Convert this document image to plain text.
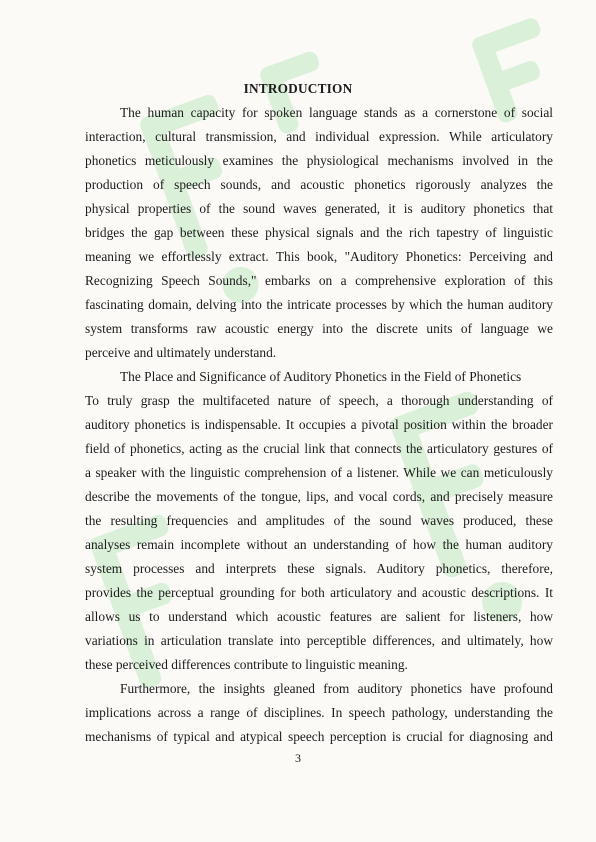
INTRODUCTION
The human capacity for spoken language stands as a cornerstone of social
interaction, cultural transmission, and individual expression. While articulatory
phonetics meticulously examines the physiological mechanisms involved in the
production of speech sounds, and acoustic phonetics rigorously analyzes the
physical properties of the sound waves generated, it is auditory phonetics that
bridges the gap between these physical signals and the rich tapestry of linguistic
meaning we effortlessly extract. This book, "Auditory Phonetics: Perceiving and
Recognizing Speech Sounds," embarks on a comprehensive exploration of this
fascinating domain, delving into the intricate processes by which the human auditory
system transforms raw acoustic energy into the discrete units of language we
perceive and ultimately understand.
The Place and Significance of Auditory Phonetics in the Field of Phonetics
To truly grasp the multifaceted nature of speech, a thorough understanding of
auditory phonetics is indispensable. It occupies a pivotal position within the broader
field of phonetics, acting as the crucial link that connects the articulatory gestures of
a speaker with the linguistic comprehension of a listener. While we can meticulously
describe the movements of the tongue, lips, and vocal cords, and precisely measure
the resulting frequencies and amplitudes of the sound waves produced, these
analyses remain incomplete without an understanding of how the human auditory
system processes and interprets these signals. Auditory phonetics, therefore,
provides the perceptual grounding for both articulatory and acoustic descriptions. It
allows us to understand which acoustic features are salient for listeners, how
variations in articulation translate into perceptible differences, and ultimately, how
these perceived differences contribute to linguistic meaning.
Furthermore, the insights gleaned from auditory phonetics have profound
implications across a range of disciplines. In speech pathology, understanding the
mechanisms of typical and atypical speech perception is crucial for diagnosing and
3
